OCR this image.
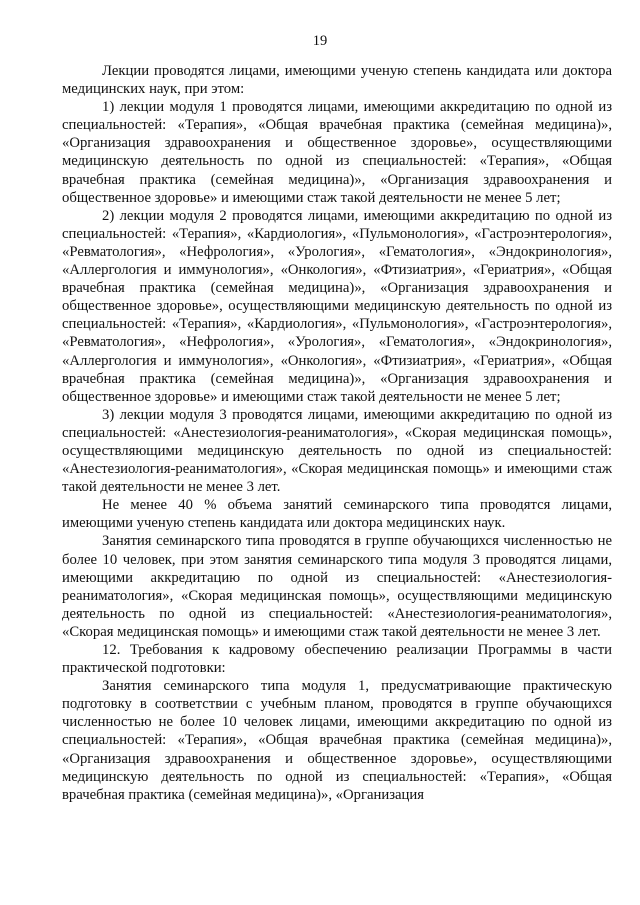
19

Лекции проводятся лицами, имеющими ученую степень кандидата или доктора медицинских наук, при этом:

1) лекции модуля 1 проводятся лицами, имеющими аккредитацию по одной из специальностей: «Терапия», «Общая врачебная практика (семейная медицина)», «Организация здравоохранения и общественное здоровье», осуществляющими медицинскую деятельность по одной из специальностей: «Терапия», «Общая врачебная практика (семейная медицина)», «Организация здравоохранения и общественное здоровье» и имеющими стаж такой деятельности не менее 5 лет;

2) лекции модуля 2 проводятся лицами, имеющими аккредитацию по одной из специальностей: «Терапия», «Кардиология», «Пульмонология», «Гастроэнтерология», «Ревматология», «Нефрология», «Урология», «Гематология», «Эндокринология», «Аллергология и иммунология», «Онкология», «Фтизиатрия», «Гериатрия», «Общая врачебная практика (семейная медицина)», «Организация здравоохранения и общественное здоровье», осуществляющими медицинскую деятельность по одной из специальностей: «Терапия», «Кардиология», «Пульмонология», «Гастроэнтерология», «Ревматология», «Нефрология», «Урология», «Гематология», «Эндокринология», «Аллергология и иммунология», «Онкология», «Фтизиатрия», «Гериатрия», «Общая врачебная практика (семейная медицина)», «Организация здравоохранения и общественное здоровье» и имеющими стаж такой деятельности не менее 5 лет;

3) лекции модуля 3 проводятся лицами, имеющими аккредитацию по одной из специальностей: «Анестезиология-реаниматология», «Скорая медицинская помощь», осуществляющими медицинскую деятельность по одной из специальностей: «Анестезиология-реаниматология», «Скорая медицинская помощь» и имеющими стаж такой деятельности не менее 3 лет.

Не менее 40 % объема занятий семинарского типа проводятся лицами, имеющими ученую степень кандидата или доктора медицинских наук.

Занятия семинарского типа проводятся в группе обучающихся численностью не более 10 человек, при этом занятия семинарского типа модуля 3 проводятся лицами, имеющими аккредитацию по одной из специальностей: «Анестезиология-реаниматология», «Скорая медицинская помощь», осуществляющими медицинскую деятельность по одной из специальностей: «Анестезиология-реаниматология», «Скорая медицинская помощь» и имеющими стаж такой деятельности не менее 3 лет.

12. Требования к кадровому обеспечению реализации Программы в части практической подготовки:

Занятия семинарского типа модуля 1, предусматривающие практическую подготовку в соответствии с учебным планом, проводятся в группе обучающихся численностью не более 10 человек лицами, имеющими аккредитацию по одной из специальностей: «Терапия», «Общая врачебная практика (семейная медицина)», «Организация здравоохранения и общественное здоровье», осуществляющими медицинскую деятельность по одной из специальностей: «Терапия», «Общая врачебная практика (семейная медицина)», «Организация
